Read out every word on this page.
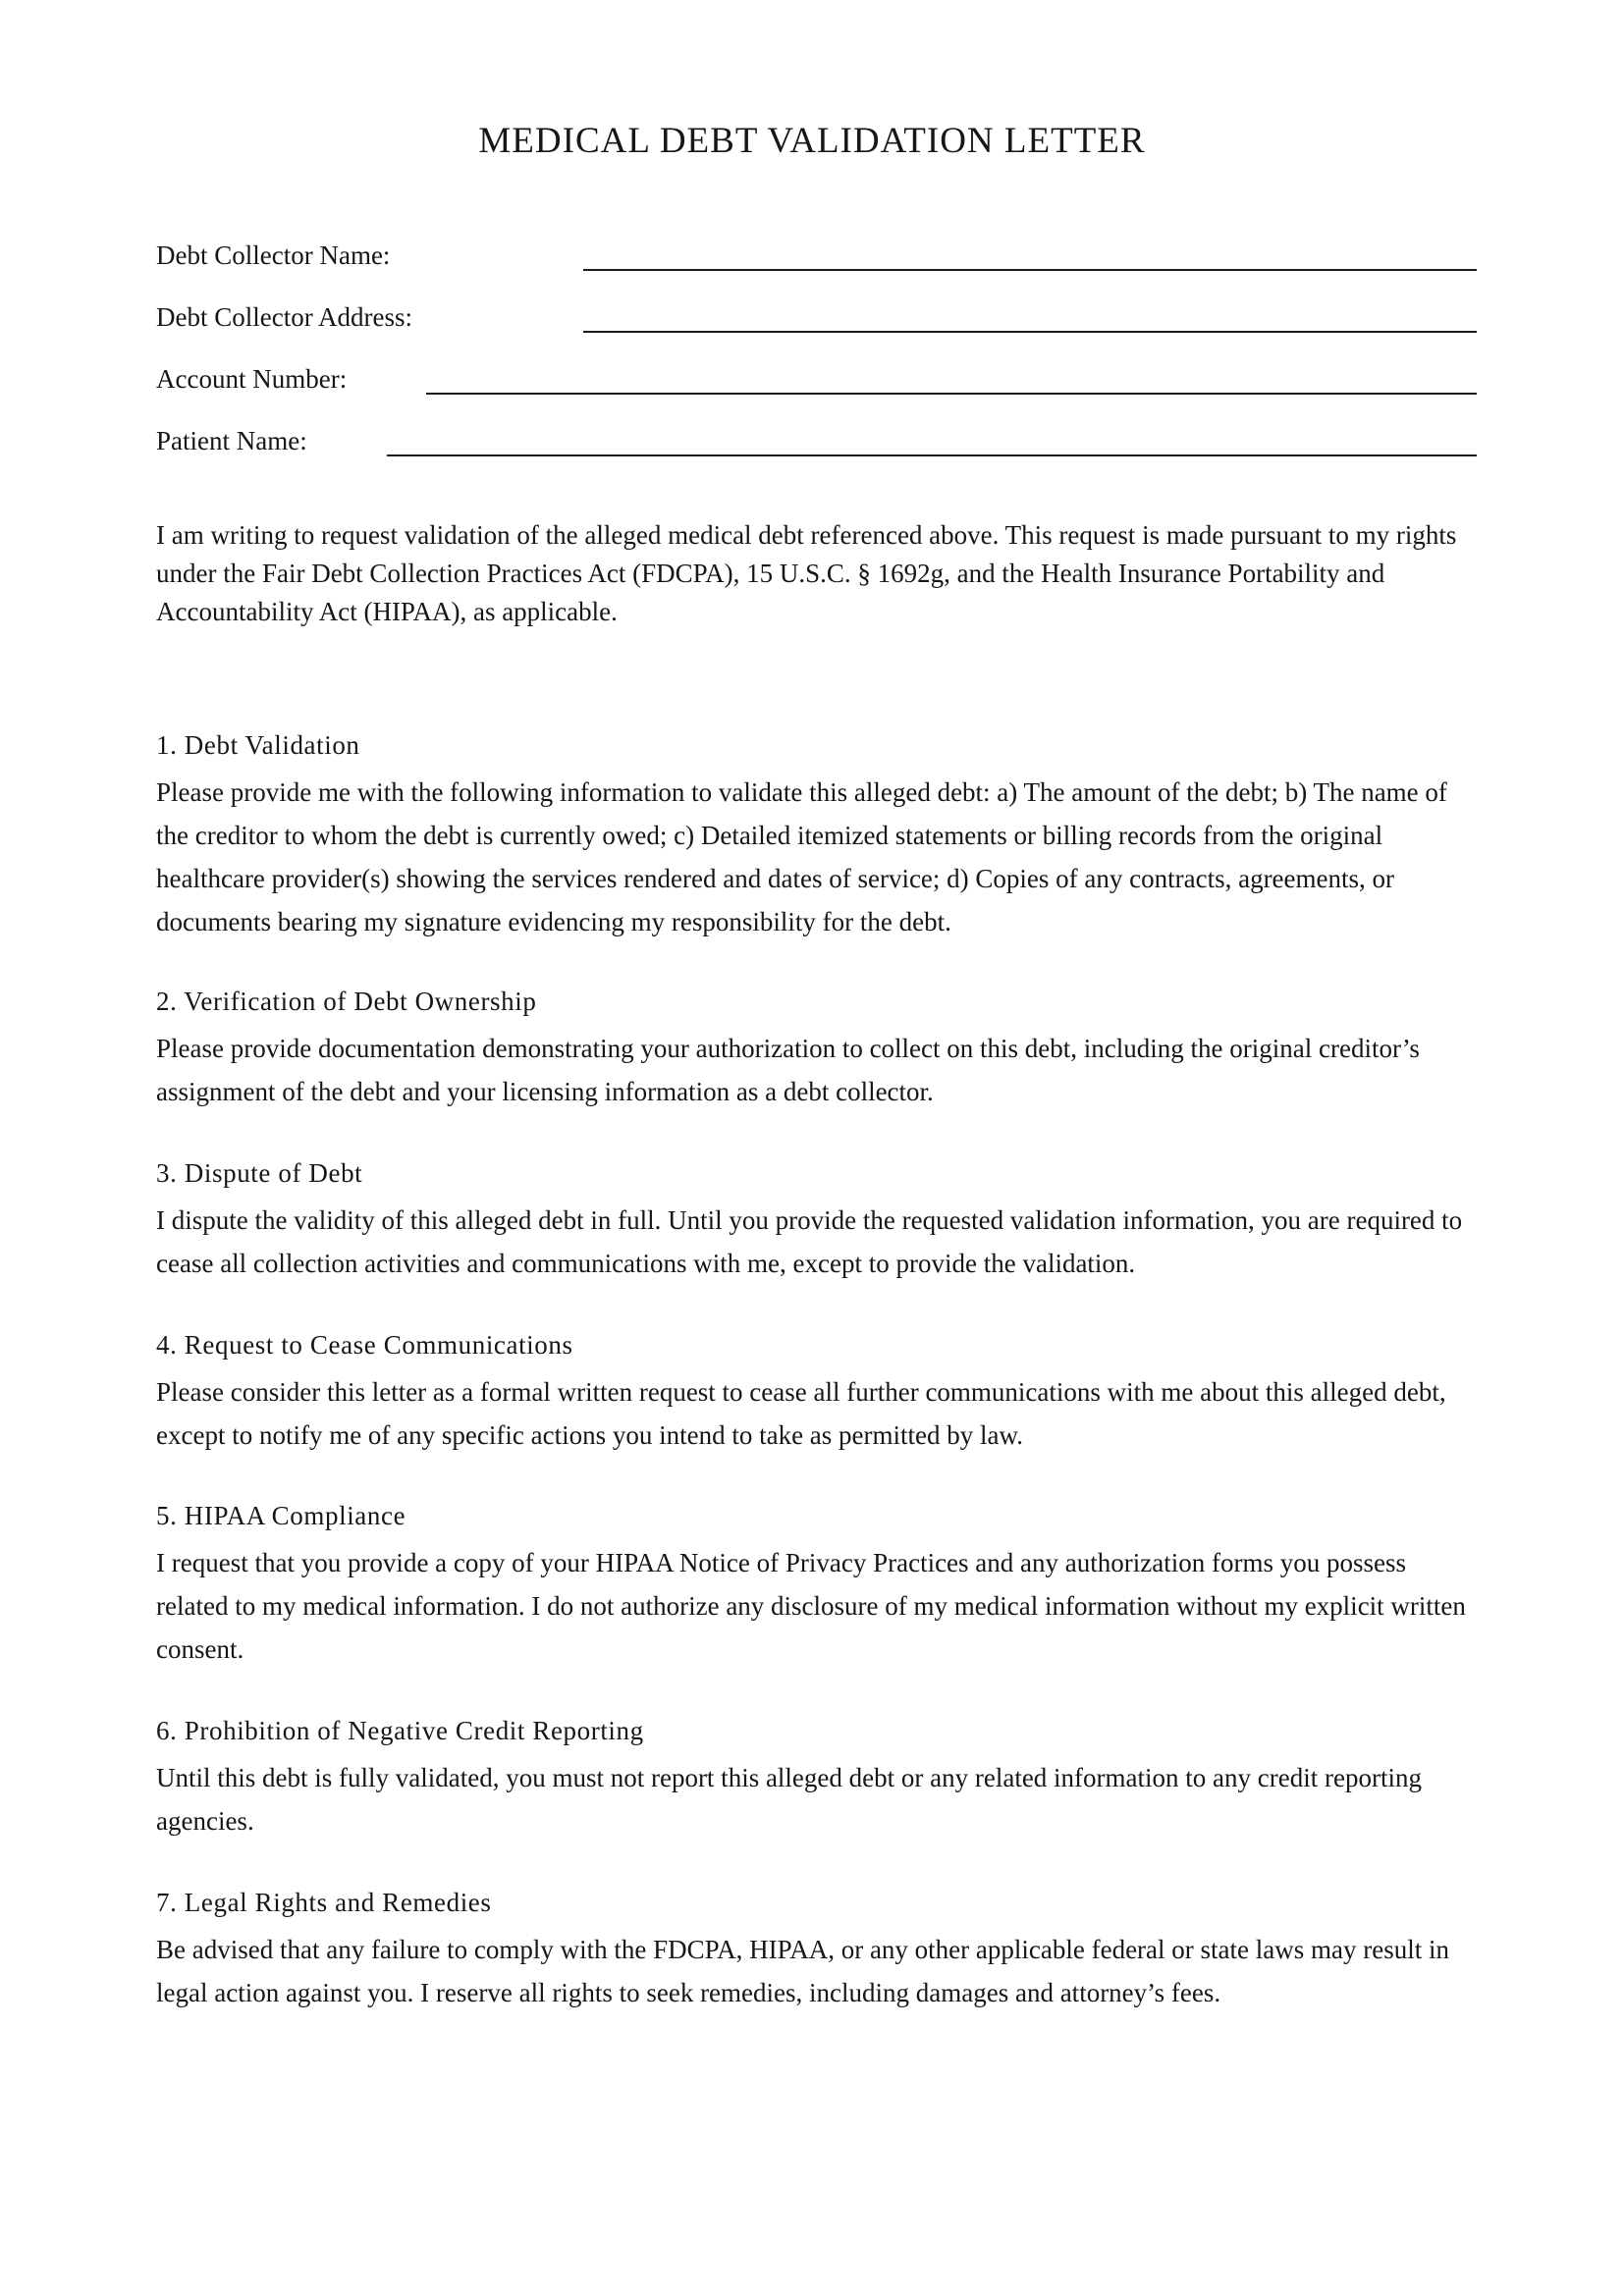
MEDICAL DEBT VALIDATION LETTER
Debt Collector Name:
Debt Collector Address:
Account Number:
Patient Name:

I am writing to request validation of the alleged medical debt referenced above. This request is made pursuant to my rights under the Fair Debt Collection Practices Act (FDCPA), 15 U.S.C. § 1692g, and the Health Insurance Portability and Accountability Act (HIPAA), as applicable.

1. Debt Validation

Please provide me with the following information to validate this alleged debt: a) The amount of the debt; b) The name of the creditor to whom the debt is currently owed; c) Detailed itemized statements or billing records from the original healthcare provider(s) showing the services rendered and dates of service; d) Copies of any contracts, agreements, or documents bearing my signature evidencing my responsibility for the debt.

2. Verification of Debt Ownership

Please provide documentation demonstrating your authorization to collect on this debt, including the original creditor’s assignment of the debt and your licensing information as a debt collector.

3. Dispute of Debt

I dispute the validity of this alleged debt in full. Until you provide the requested validation information, you are required to cease all collection activities and communications with me, except to provide the validation.

4. Request to Cease Communications

Please consider this letter as a formal written request to cease all further communications with me about this alleged debt, except to notify me of any specific actions you intend to take as permitted by law.

5. HIPAA Compliance

I request that you provide a copy of your HIPAA Notice of Privacy Practices and any authorization forms you possess related to my medical information. I do not authorize any disclosure of my medical information without my explicit written consent.

6. Prohibition of Negative Credit Reporting

Until this debt is fully validated, you must not report this alleged debt or any related information to any credit reporting agencies.

7. Legal Rights and Remedies

Be advised that any failure to comply with the FDCPA, HIPAA, or any other applicable federal or state laws may result in legal action against you. I reserve all rights to seek remedies, including damages and attorney’s fees.
